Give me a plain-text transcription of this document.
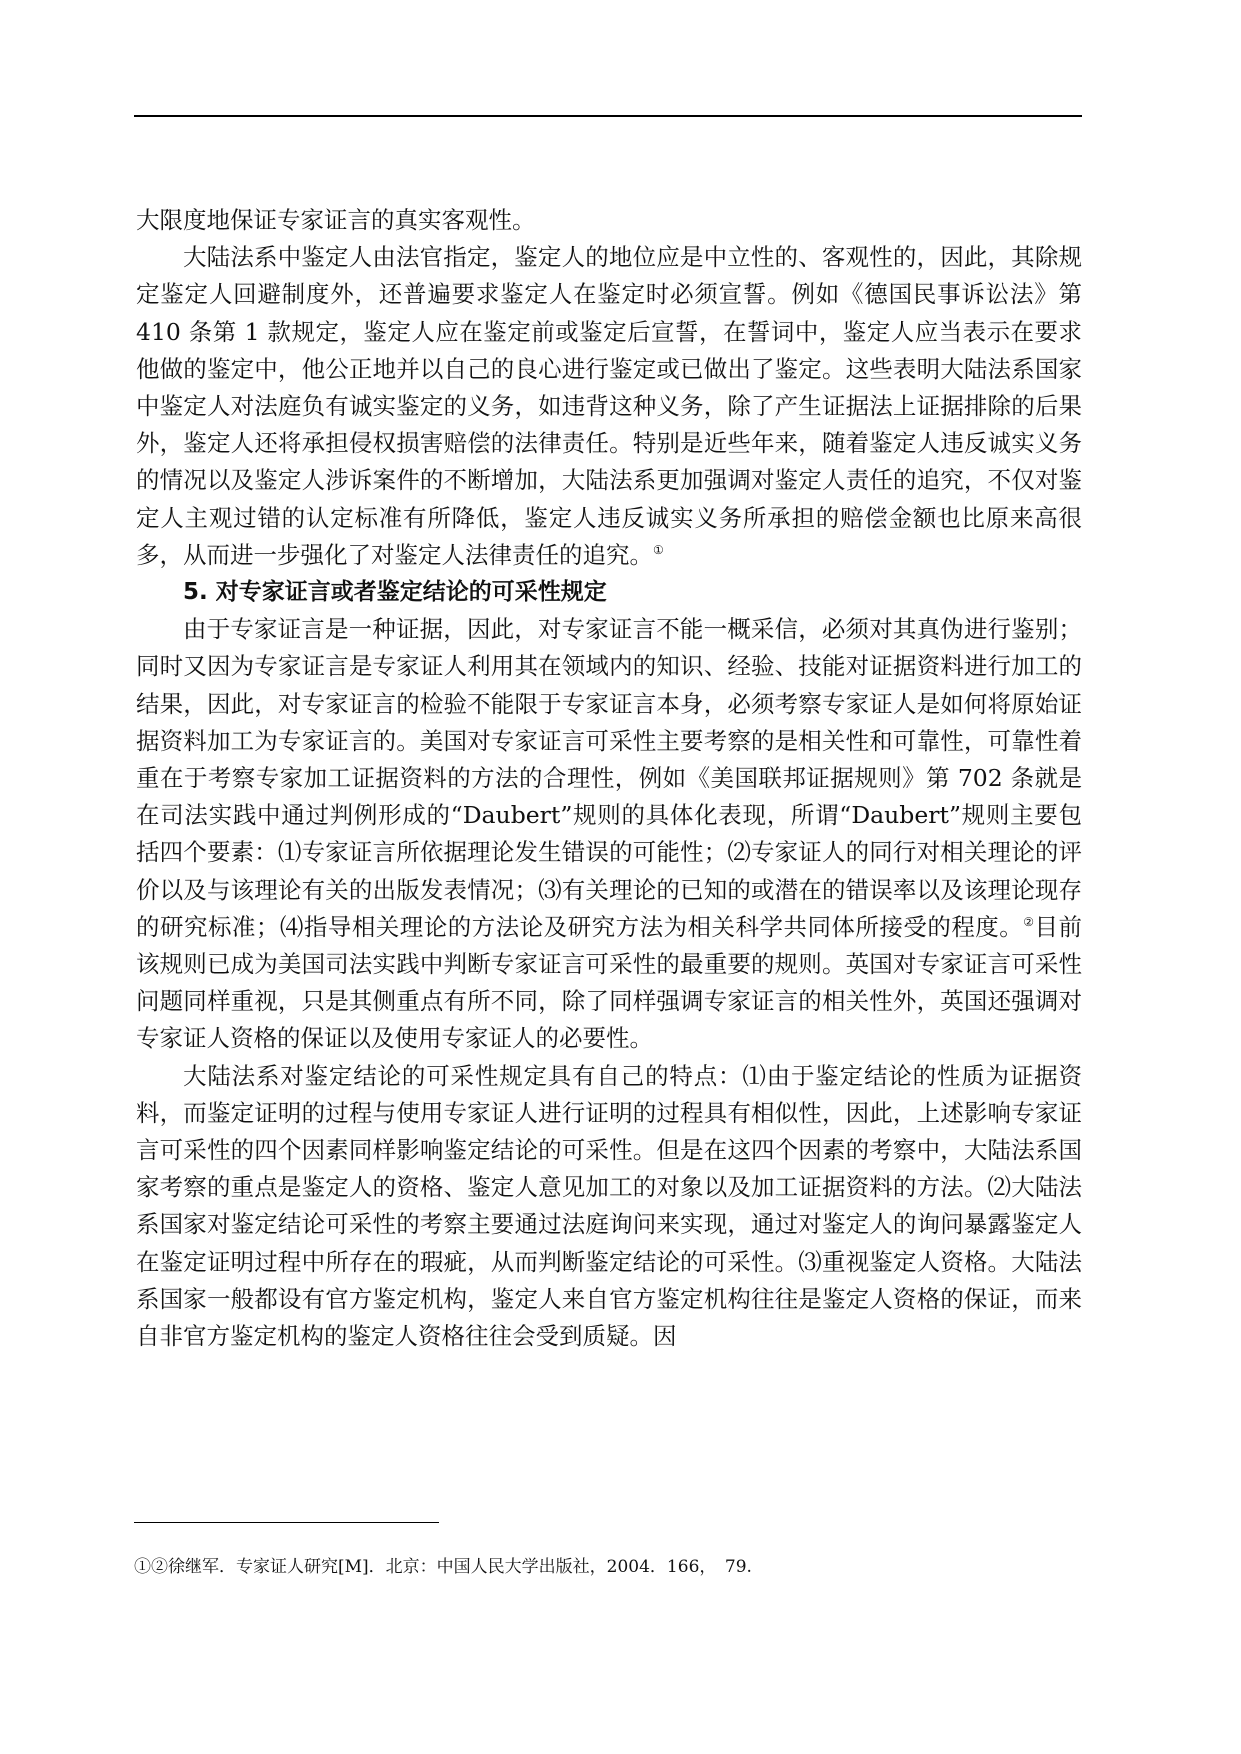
大限度地保证专家证言的真实客观性。

大陆法系中鉴定人由法官指定，鉴定人的地位应是中立性的、客观性的，因此，其除规定鉴定人回避制度外，还普遍要求鉴定人在鉴定时必须宣誓。例如《德国民事诉讼法》第 410 条第 1 款规定，鉴定人应在鉴定前或鉴定后宣誓，在誓词中，鉴定人应当表示在要求他做的鉴定中，他公正地并以自己的良心进行鉴定或已做出了鉴定。这些表明大陆法系国家中鉴定人对法庭负有诚实鉴定的义务，如违背这种义务，除了产生证据法上证据排除的后果外，鉴定人还将承担侵权损害赔偿的法律责任。特别是近些年来，随着鉴定人违反诚实义务的情况以及鉴定人涉诉案件的不断增加，大陆法系更加强调对鉴定人责任的追究，不仅对鉴定人主观过错的认定标准有所降低，鉴定人违反诚实义务所承担的赔偿金额也比原来高很多，从而进一步强化了对鉴定人法律责任的追究。①

5. 对专家证言或者鉴定结论的可采性规定

由于专家证言是一种证据，因此，对专家证言不能一概采信，必须对其真伪进行鉴别；同时又因为专家证言是专家证人利用其在领域内的知识、经验、技能对证据资料进行加工的结果，因此，对专家证言的检验不能限于专家证言本身，必须考察专家证人是如何将原始证据资料加工为专家证言的。美国对专家证言可采性主要考察的是相关性和可靠性，可靠性着重在于考察专家加工证据资料的方法的合理性，例如《美国联邦证据规则》第 702 条就是在司法实践中通过判例形成的“Daubert”规则的具体化表现，所谓“Daubert”规则主要包括四个要素：⑴专家证言所依据理论发生错误的可能性；⑵专家证人的同行对相关理论的评价以及与该理论有关的出版发表情况；⑶有关理论的已知的或潜在的错误率以及该理论现存的研究标准；⑷指导相关理论的方法论及研究方法为相关科学共同体所接受的程度。②目前该规则已成为美国司法实践中判断专家证言可采性的最重要的规则。英国对专家证言可采性问题同样重视，只是其侧重点有所不同，除了同样强调专家证言的相关性外，英国还强调对专家证人资格的保证以及使用专家证人的必要性。

大陆法系对鉴定结论的可采性规定具有自己的特点：⑴由于鉴定结论的性质为证据资料，而鉴定证明的过程与使用专家证人进行证明的过程具有相似性，因此，上述影响专家证言可采性的四个因素同样影响鉴定结论的可采性。但是在这四个因素的考察中，大陆法系国家考察的重点是鉴定人的资格、鉴定人意见加工的对象以及加工证据资料的方法。⑵大陆法系国家对鉴定结论可采性的考察主要通过法庭询问来实现，通过对鉴定人的询问暴露鉴定人在鉴定证明过程中所存在的瑕疵，从而判断鉴定结论的可采性。⑶重视鉴定人资格。大陆法系国家一般都设有官方鉴定机构，鉴定人来自官方鉴定机构往往是鉴定人资格的保证，而来自非官方鉴定机构的鉴定人资格往往会受到质疑。因

①②徐继军．专家证人研究[M]．北京：中国人民大学出版社，2004．166，　79.
